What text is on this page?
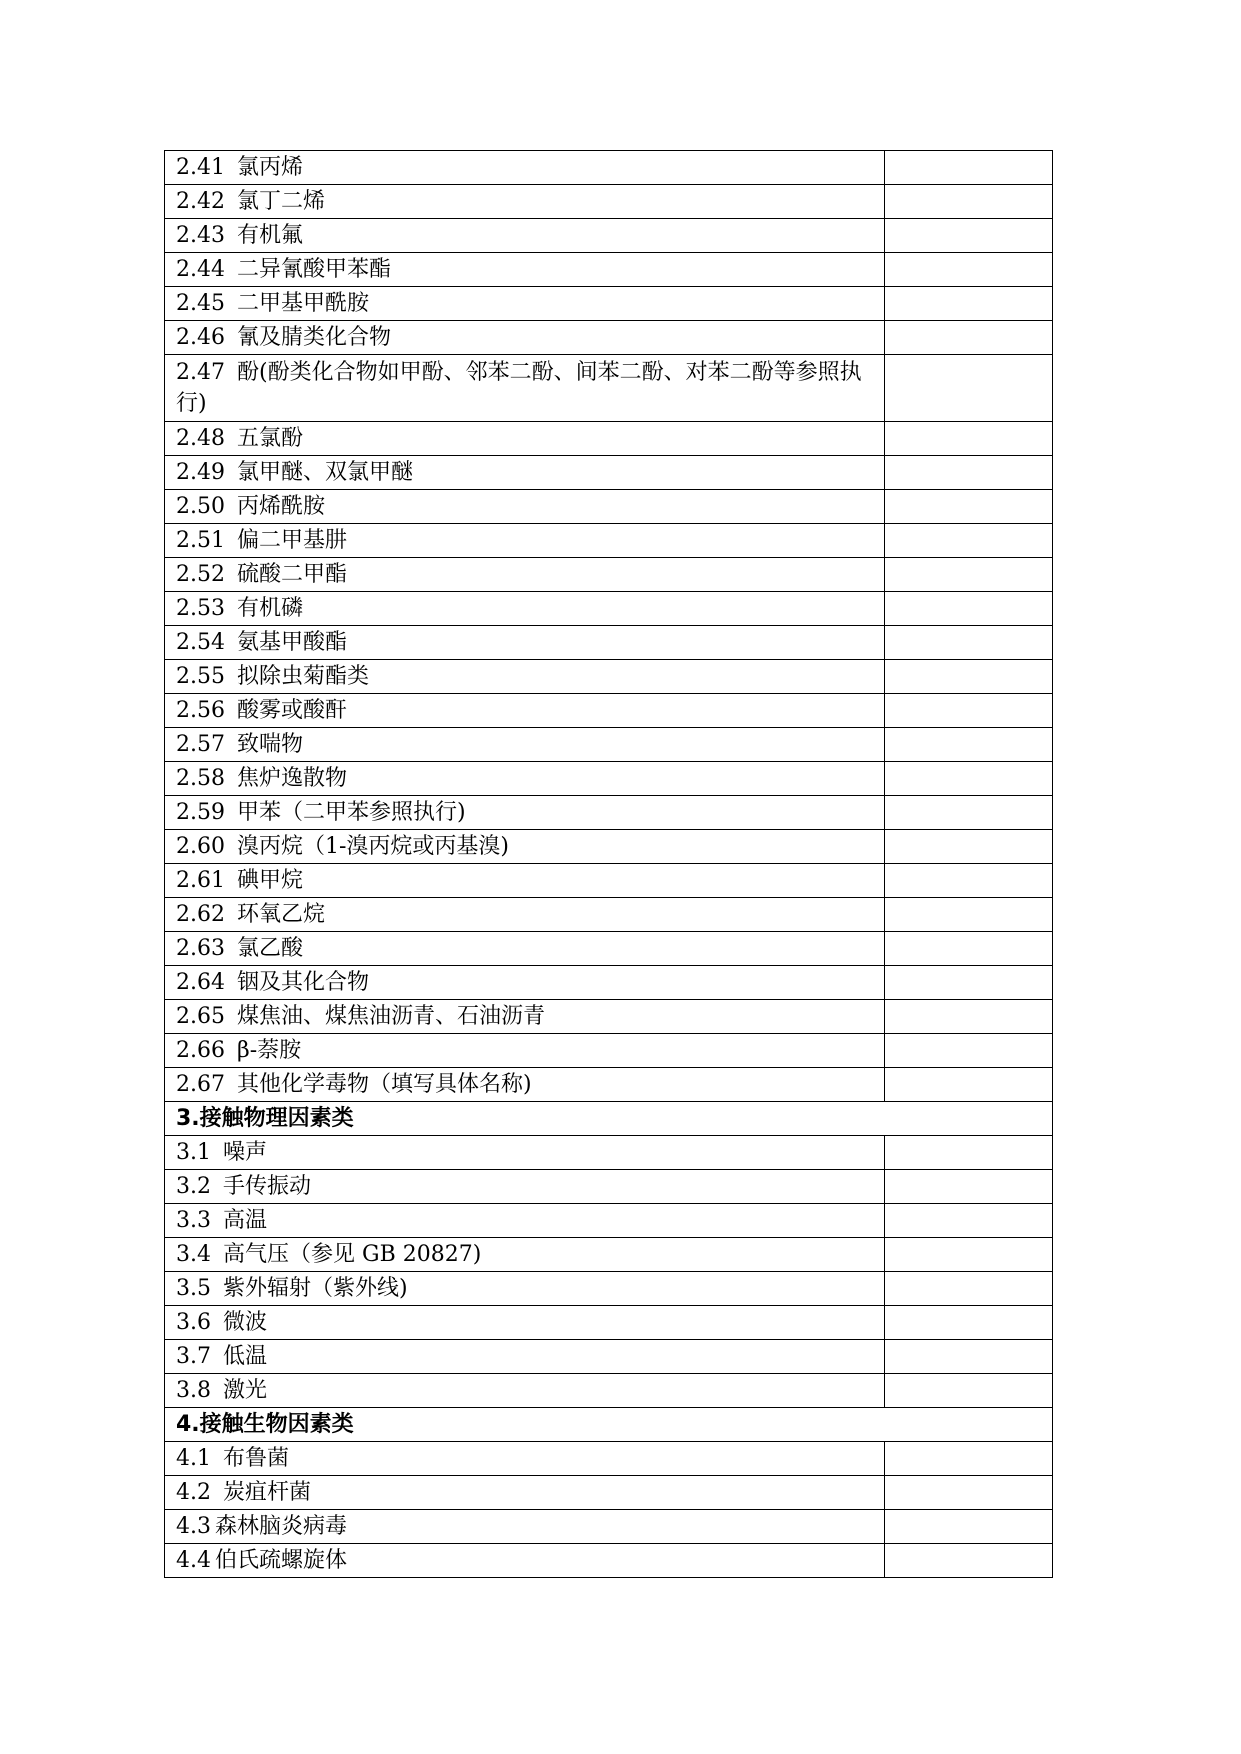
2.41 氯丙烯	
2.42 氯丁二烯	
2.43 有机氟	
2.44 二异氰酸甲苯酯	
2.45 二甲基甲酰胺	
2.46 氰及腈类化合物	
2.47 酚(酚类化合物如甲酚、邻苯二酚、间苯二酚、对苯二酚等参照执行)	
2.48 五氯酚	
2.49 氯甲醚、双氯甲醚	
2.50 丙烯酰胺	
2.51 偏二甲基肼	
2.52 硫酸二甲酯	
2.53 有机磷	
2.54 氨基甲酸酯	
2.55 拟除虫菊酯类	
2.56 酸雾或酸酐	
2.57 致喘物	
2.58 焦炉逸散物	
2.59 甲苯（二甲苯参照执行)	
2.60 溴丙烷（1-溴丙烷或丙基溴)	
2.61 碘甲烷	
2.62 环氧乙烷	
2.63 氯乙酸	
2.64 铟及其化合物	
2.65 煤焦油、煤焦油沥青、石油沥青	
2.66 β-萘胺	
2.67 其他化学毒物（填写具体名称)	
3.接触物理因素类	
3.1 噪声	
3.2 手传振动	
3.3 高温	
3.4 高气压（参见 GB 20827)	
3.5 紫外辐射（紫外线)	
3.6 微波	
3.7 低温	
3.8 激光	
4.接触生物因素类	
4.1 布鲁菌	
4.2 炭疽杆菌	
4.3 森林脑炎病毒	
4.4 伯氏疏螺旋体	
